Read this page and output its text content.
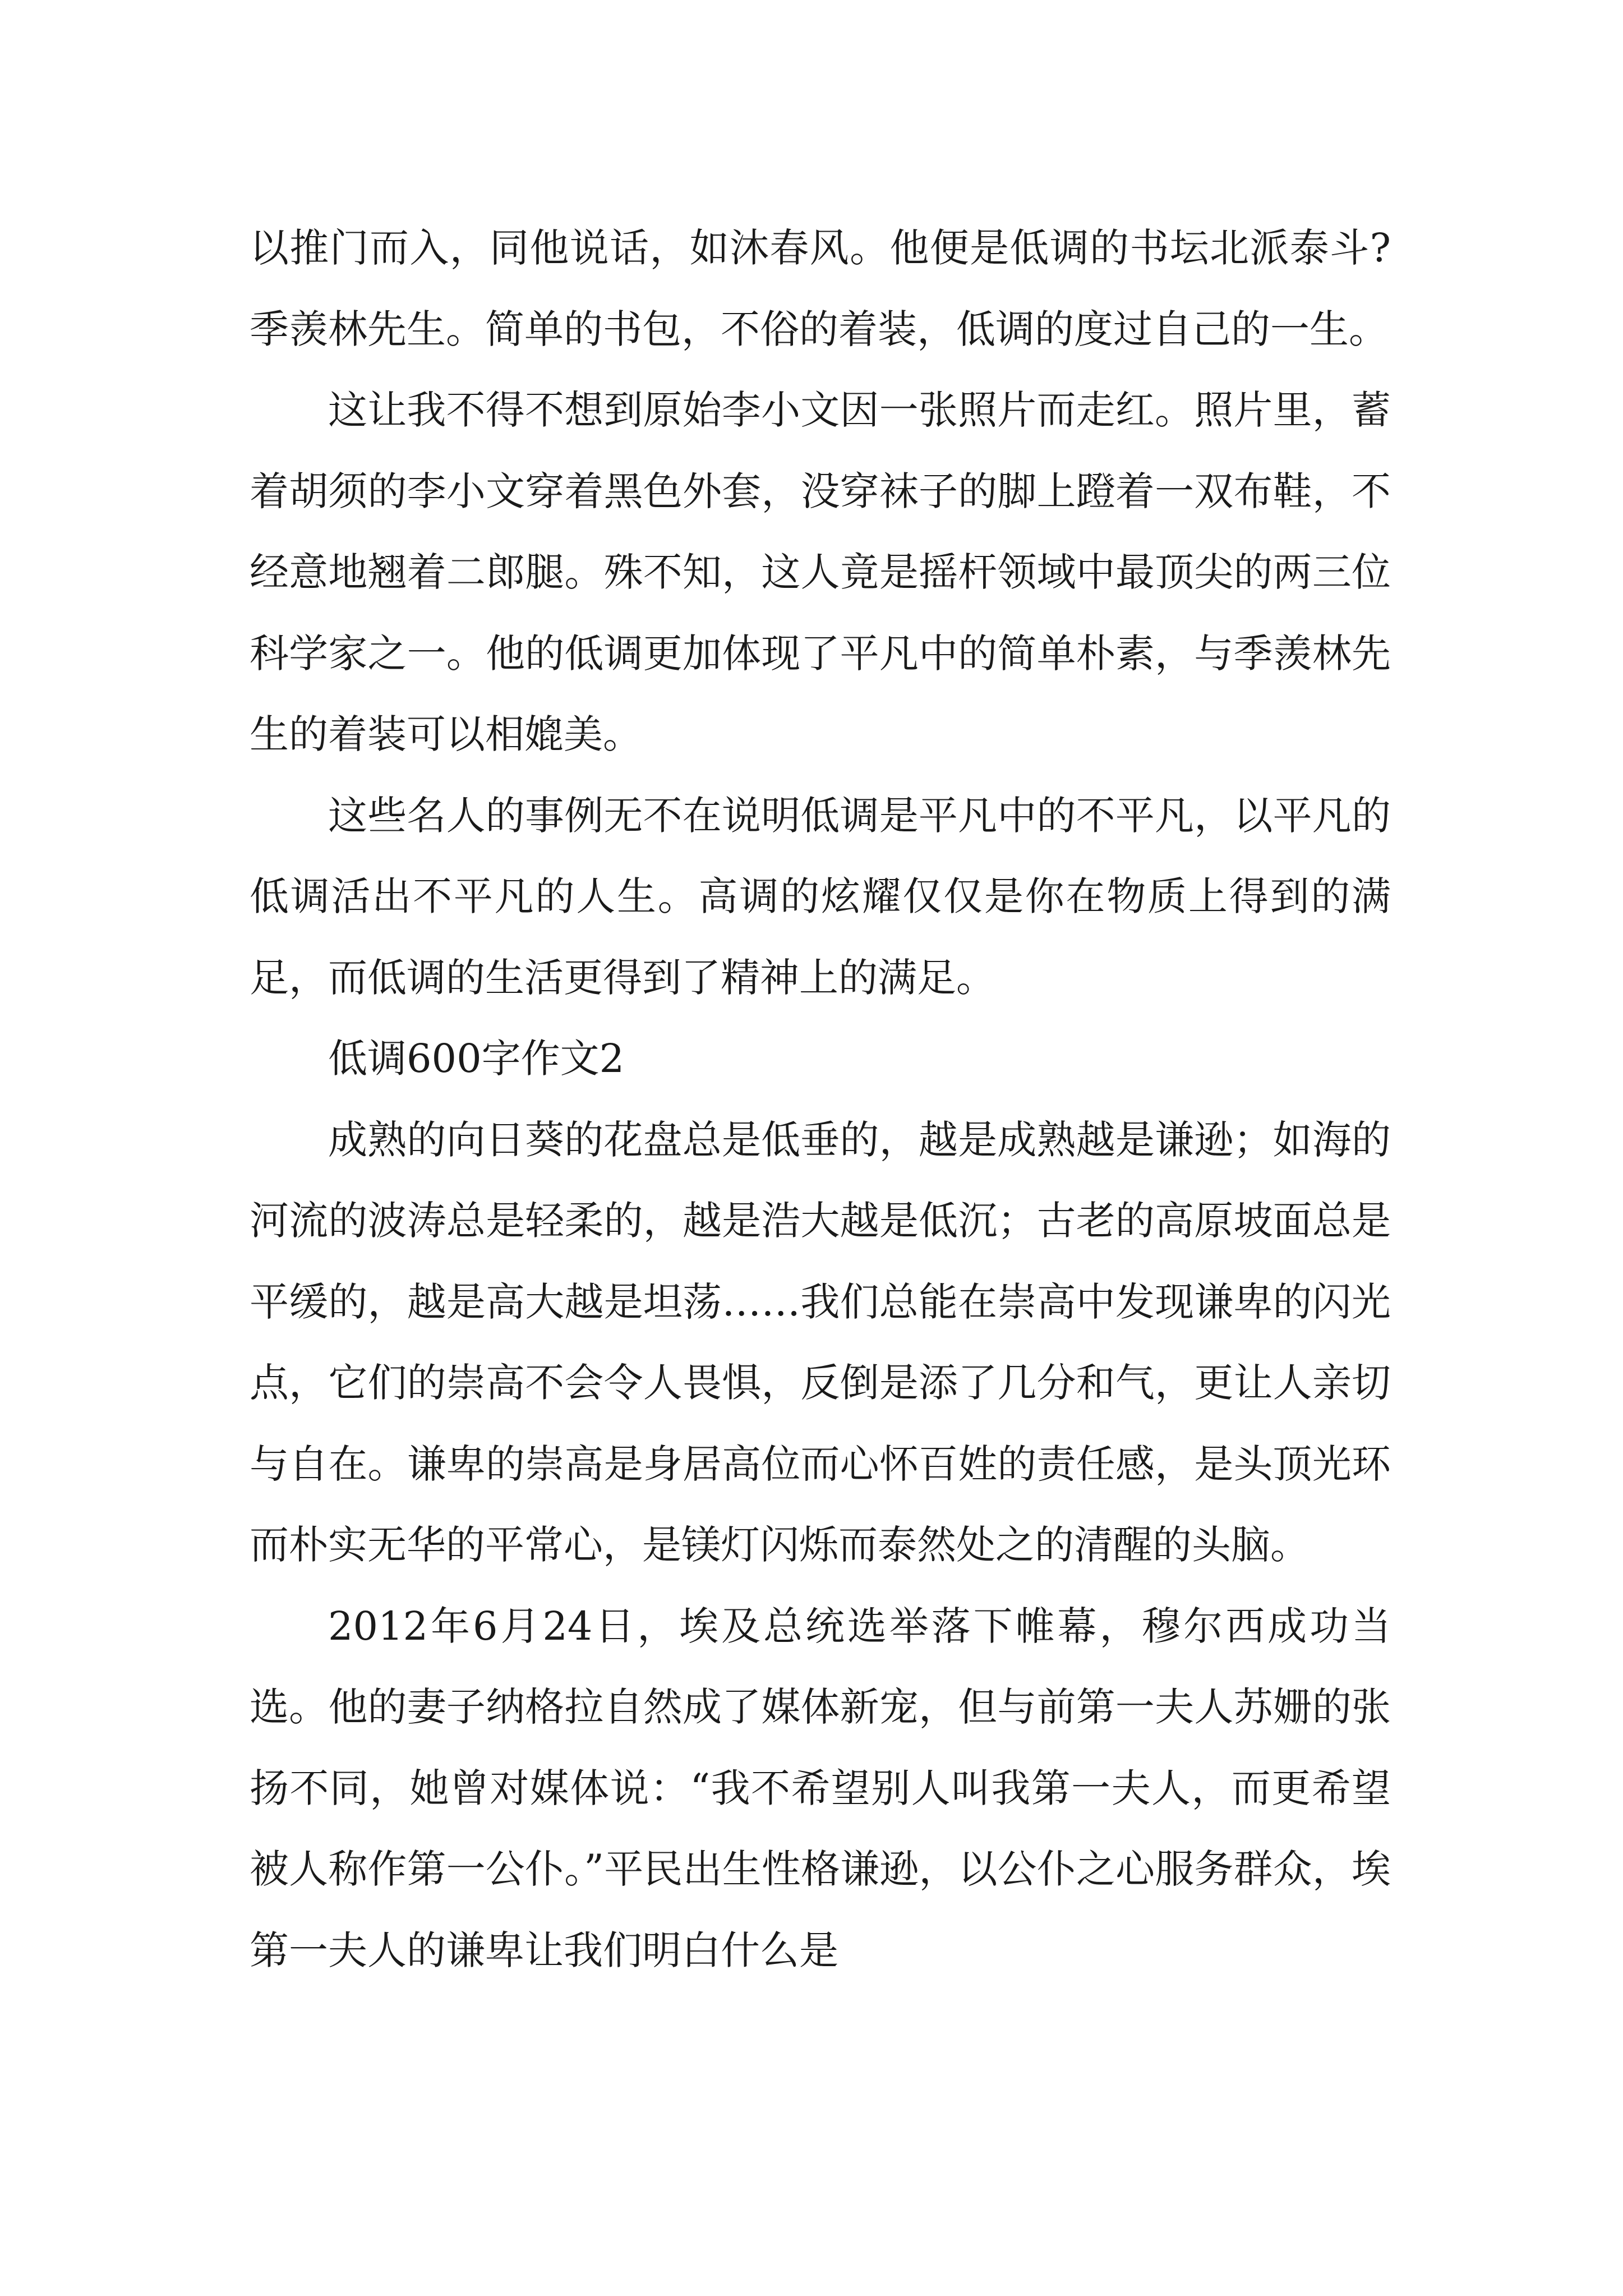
以推门而入，同他说话，如沐春风。他便是低调的书坛北派泰斗?季羡林先生。简单的书包，不俗的着装，低调的度过自己的一生。

这让我不得不想到原始李小文因一张照片而走红。照片里，蓄着胡须的李小文穿着黑色外套，没穿袜子的脚上蹬着一双布鞋，不经意地翘着二郎腿。殊不知，这人竟是摇杆领域中最顶尖的两三位科学家之一。他的低调更加体现了平凡中的简单朴素，与季羡林先生的着装可以相媲美。

这些名人的事例无不在说明低调是平凡中的不平凡，以平凡的低调活出不平凡的人生。高调的炫耀仅仅是你在物质上得到的满足，而低调的生活更得到了精神上的满足。

低调600字作文2

成熟的向日葵的花盘总是低垂的，越是成熟越是谦逊；如海的河流的波涛总是轻柔的，越是浩大越是低沉；古老的高原坡面总是平缓的，越是高大越是坦荡……我们总能在崇高中发现谦卑的闪光点，它们的崇高不会令人畏惧，反倒是添了几分和气，更让人亲切与自在。谦卑的崇高是身居高位而心怀百姓的责任感，是头顶光环而朴实无华的平常心，是镁灯闪烁而泰然处之的清醒的头脑。

2012年6月24日，埃及总统选举落下帷幕，穆尔西成功当选。他的妻子纳格拉自然成了媒体新宠，但与前第一夫人苏姗的张扬不同，她曾对媒体说：“我不希望别人叫我第一夫人，而更希望被人称作第一公仆。”平民出生性格谦逊，以公仆之心服务群众，埃第一夫人的谦卑让我们明白什么是
